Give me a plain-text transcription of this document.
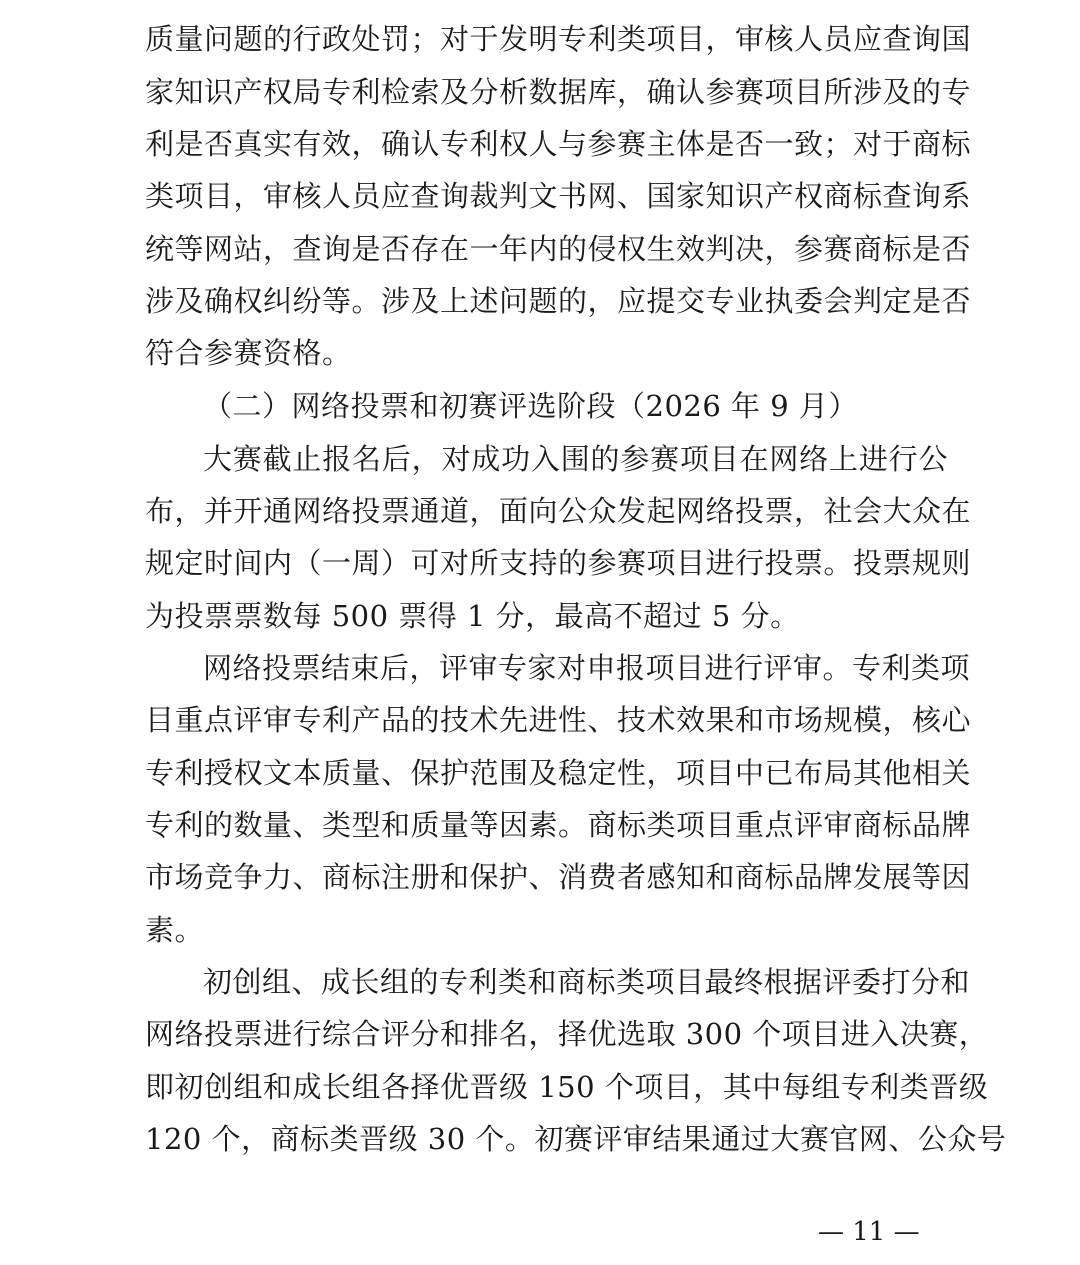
质量问题的行政处罚；对于发明专利类项目，审核人员应查询国
家知识产权局专利检索及分析数据库，确认参赛项目所涉及的专
利是否真实有效，确认专利权人与参赛主体是否一致；对于商标
类项目，审核人员应查询裁判文书网、国家知识产权商标查询系
统等网站，查询是否存在一年内的侵权生效判决，参赛商标是否
涉及确权纠纷等。涉及上述问题的，应提交专业执委会判定是否
符合参赛资格。
（二）网络投票和初赛评选阶段（2026 年 9 月）
大赛截止报名后，对成功入围的参赛项目在网络上进行公
布，并开通网络投票通道，面向公众发起网络投票，社会大众在
规定时间内（一周）可对所支持的参赛项目进行投票。投票规则
为投票票数每 500 票得 1 分，最高不超过 5 分。
网络投票结束后，评审专家对申报项目进行评审。专利类项
目重点评审专利产品的技术先进性、技术效果和市场规模，核心
专利授权文本质量、保护范围及稳定性，项目中已布局其他相关
专利的数量、类型和质量等因素。商标类项目重点评审商标品牌
市场竞争力、商标注册和保护、消费者感知和商标品牌发展等因
素。
初创组、成长组的专利类和商标类项目最终根据评委打分和
网络投票进行综合评分和排名，择优选取 300 个项目进入决赛，
即初创组和成长组各择优晋级 150 个项目，其中每组专利类晋级
120 个，商标类晋级 30 个。初赛评审结果通过大赛官网、公众号
— 11 —
